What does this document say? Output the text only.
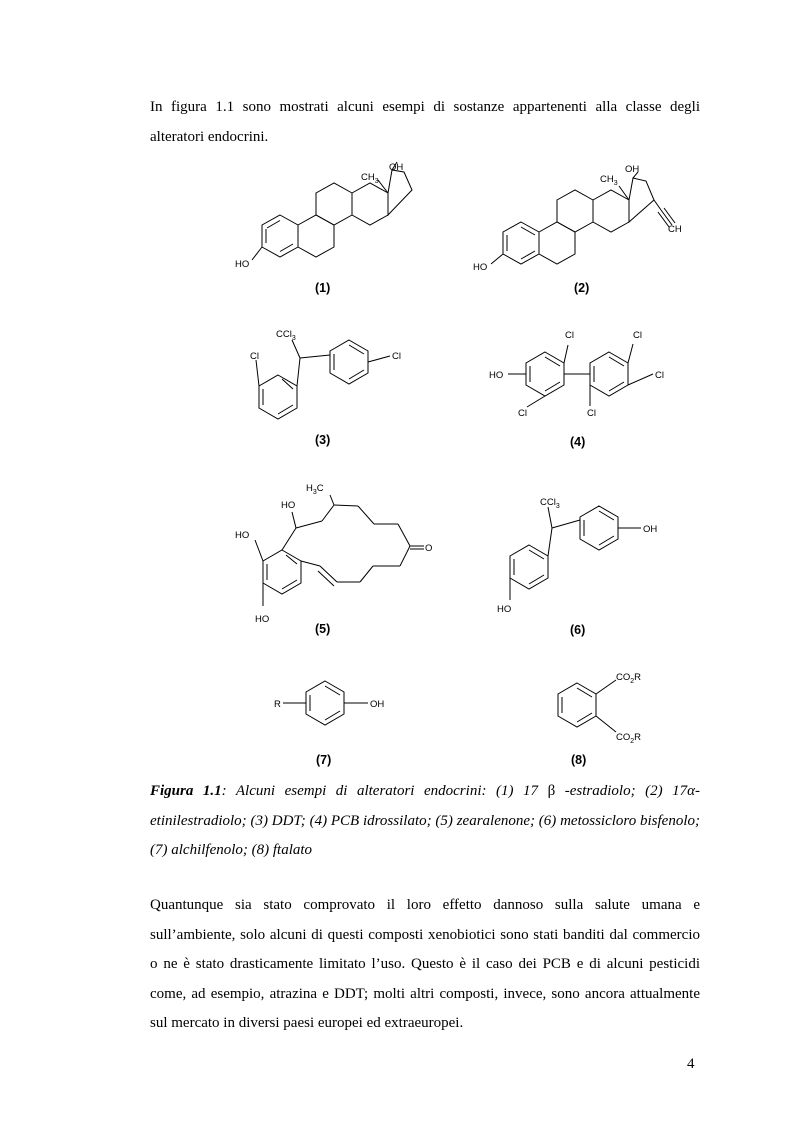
In figura 1.1 sono mostrati alcuni esempi di sostanze appartenenti alla classe degli alteratori endocrini.

$CH_3$
OH
HO
(1)
$CH_3$
OH
HO
CH
(2)
CCl$_3$
Cl	Cl
(3)
HO
Cl	Cl
Cl
Cl	Cl
(4)
$H_3C$
HO
HO
HO
O
(5)
CCl$_3$
OH
HO
(6)
R	OH
(7)
$CO_2R$
$CO_2R$
(8)

Figura 1.1: Alcuni esempi di alteratori endocrini: (1) 17 β -estradiolo; (2) 17α-etinilestradiolo; (3) DDT; (4) PCB idrossilato; (5) zearalenone; (6) metossicloro bisfenolo; (7) alchilfenolo; (8) ftalato

Quantunque sia stato comprovato il loro effetto dannoso sulla salute umana e sull’ambiente, solo alcuni di questi composti xenobiotici sono stati banditi dal commercio o ne è stato drasticamente limitato l’uso. Questo è il caso dei PCB e di alcuni pesticidi come, ad esempio, atrazina e DDT; molti altri composti, invece, sono ancora attualmente sul mercato in diversi paesi europei ed extraeuropei.

4
